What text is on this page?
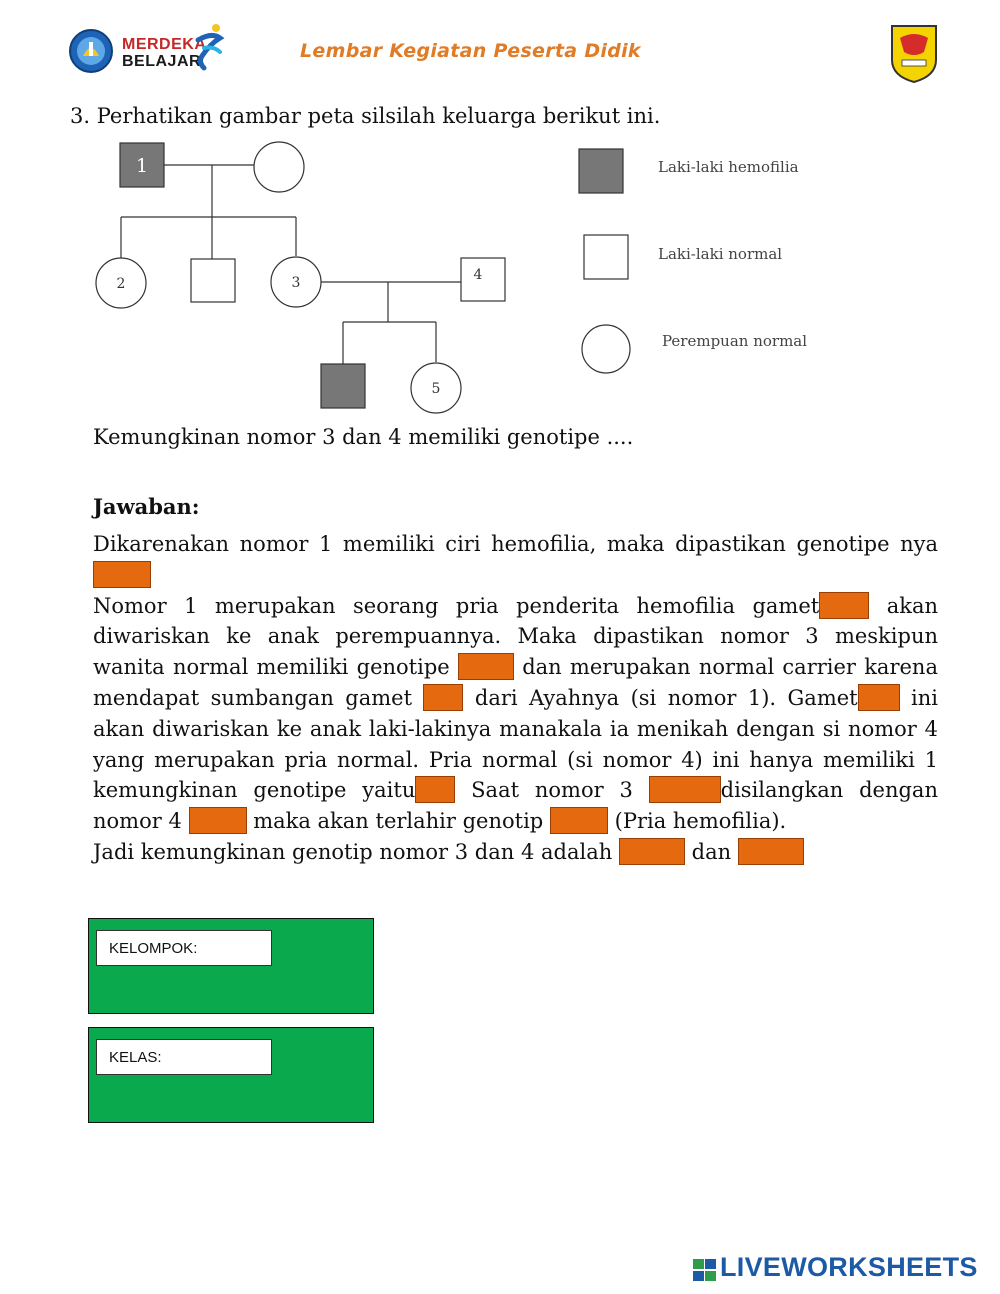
MERDEKA
BELAJAR	Lembar Kegiatan Peserta Didik
3. Perhatikan gambar peta silsilah keluarga berikut ini.
1
2	3	4
5
Laki-laki hemofilia
Laki-laki normal
Perempuan normal
Kemungkinan nomor 3 dan 4 memiliki genotipe ....
Jawaban:

Dikarenakan nomor 1 memiliki ciri hemofilia, maka dipastikan genotipe nya

Nomor 1 merupakan seorang pria penderita hemofilia gamet	akan diwariskan ke anak perempuannya. Maka dipastikan nomor 3 meskipun wanita normal memiliki genotipe	dan merupakan normal carrier karena mendapat sumbangan gamet	dari Ayahnya (si nomor 1). Gamet	ini akan diwariskan ke anak laki-lakinya manakala ia menikah dengan si nomor 4 yang merupakan pria normal. Pria normal (si nomor 4) ini hanya memiliki 1 kemungkinan genotipe yaitu	Saat nomor 3	disilangkan dengan nomor 4	maka akan terlahir genotip	(Pria hemofilia).

Jadi kemungkinan genotip nomor 3 dan 4 adalah	dan

KELOMPOK:
KELAS:
LIVEWORKSHEETS
